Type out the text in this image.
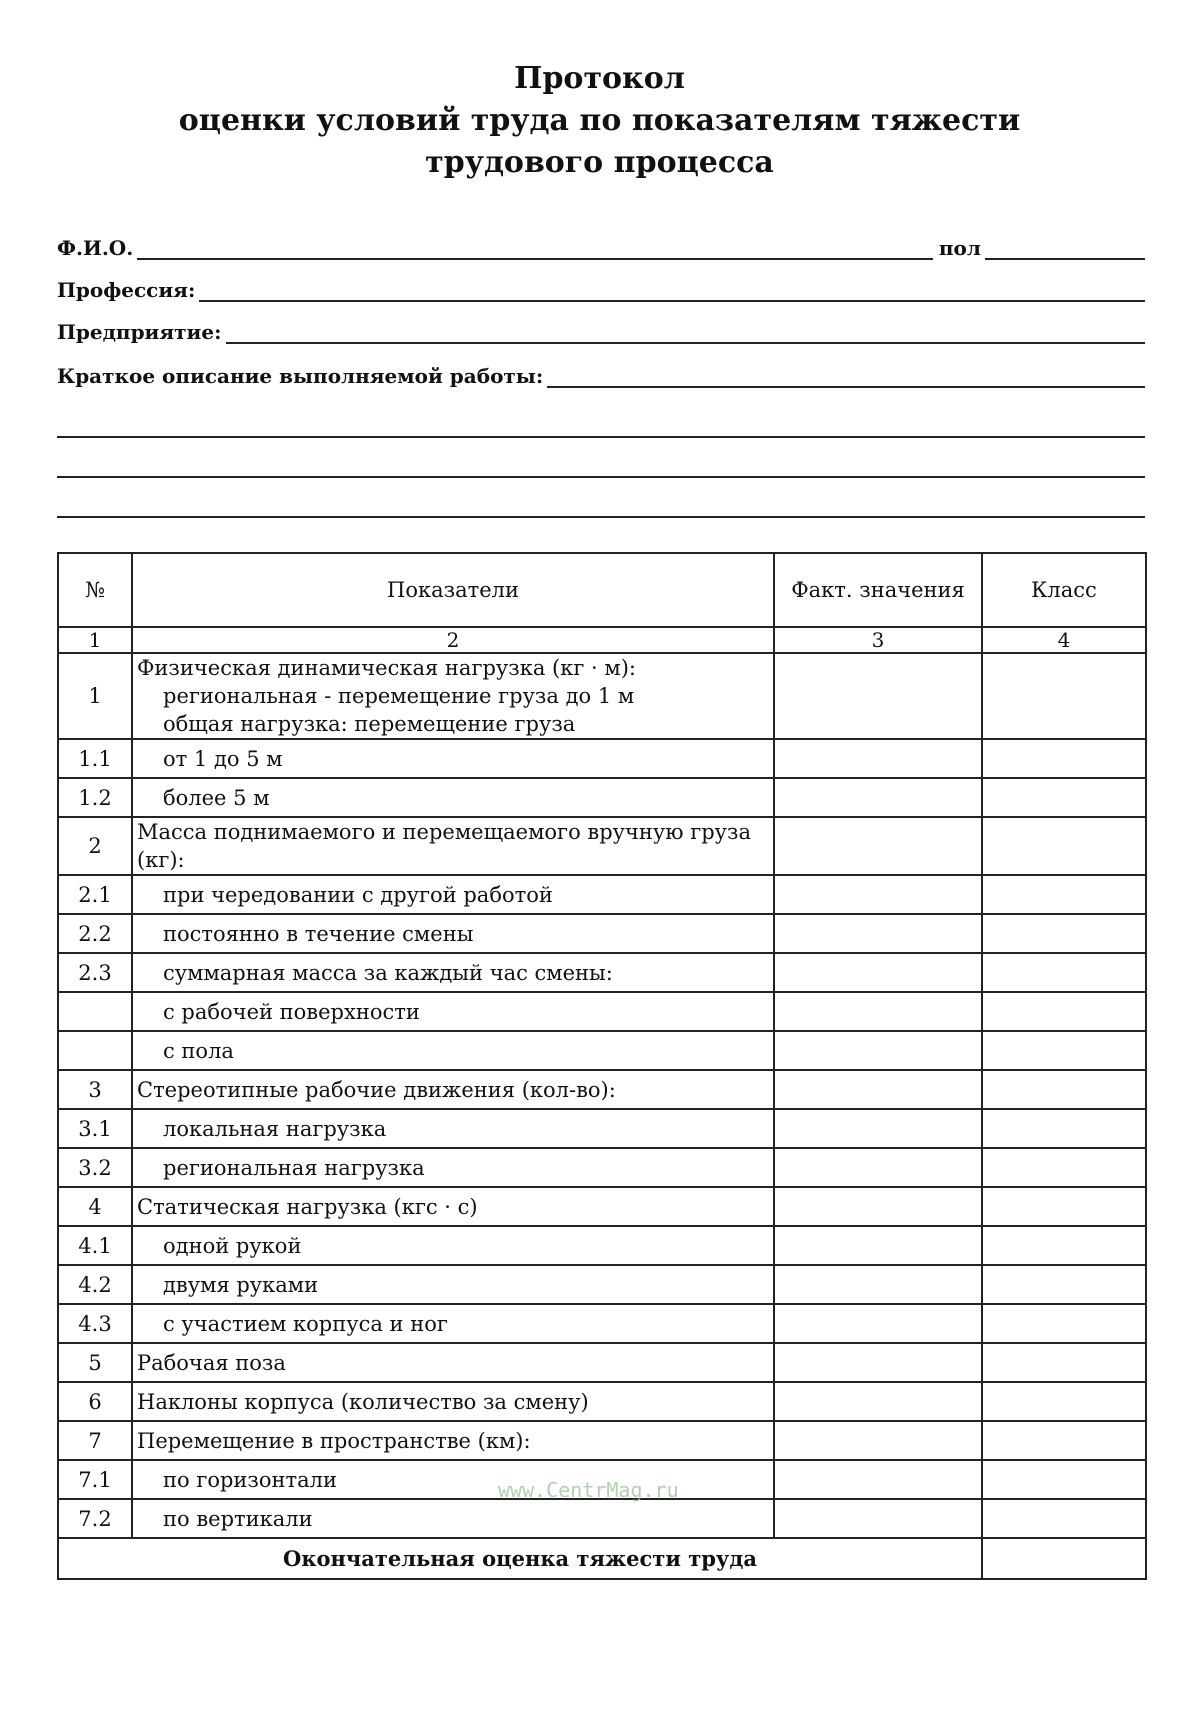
Протокол
оценки условий труда по показателям тяжести
трудового процесса
Ф.И.О.	пол
Профессия:
Предприятие:
Краткое описание выполняемой работы:
№	Показатели	Факт. значения	Класс
1	2	3	4
1	Физическая динамическая нагрузка (кг · м):
региональная - перемещение груза до 1 м
общая нагрузка: перемещение груза		

1.1	от 1 до 5 м		
1.2	более 5 м		
2	Масса поднимаемого и перемещаемого вручную груза (кг):		
2.1	при чередовании с другой работой		
2.2	постоянно в течение смены		
2.3	суммарная масса за каждый час смены:		
	с рабочей поверхности		
	с пола		
3	Стереотипные рабочие движения (кол-во):		
3.1	локальная нагрузка		
3.2	региональная нагрузка		
4	Статическая нагрузка (кгс · с)		
4.1	одной рукой		
4.2	двумя руками		
4.3	с участием корпуса и ног		
5	Рабочая поза		
6	Наклоны корпуса (количество за смену)		
7	Перемещение в пространстве (км):		
7.1	по горизонтали		
7.2	по вертикали		
Окончательная оценка тяжести труда			
www.CentrMag.ru
